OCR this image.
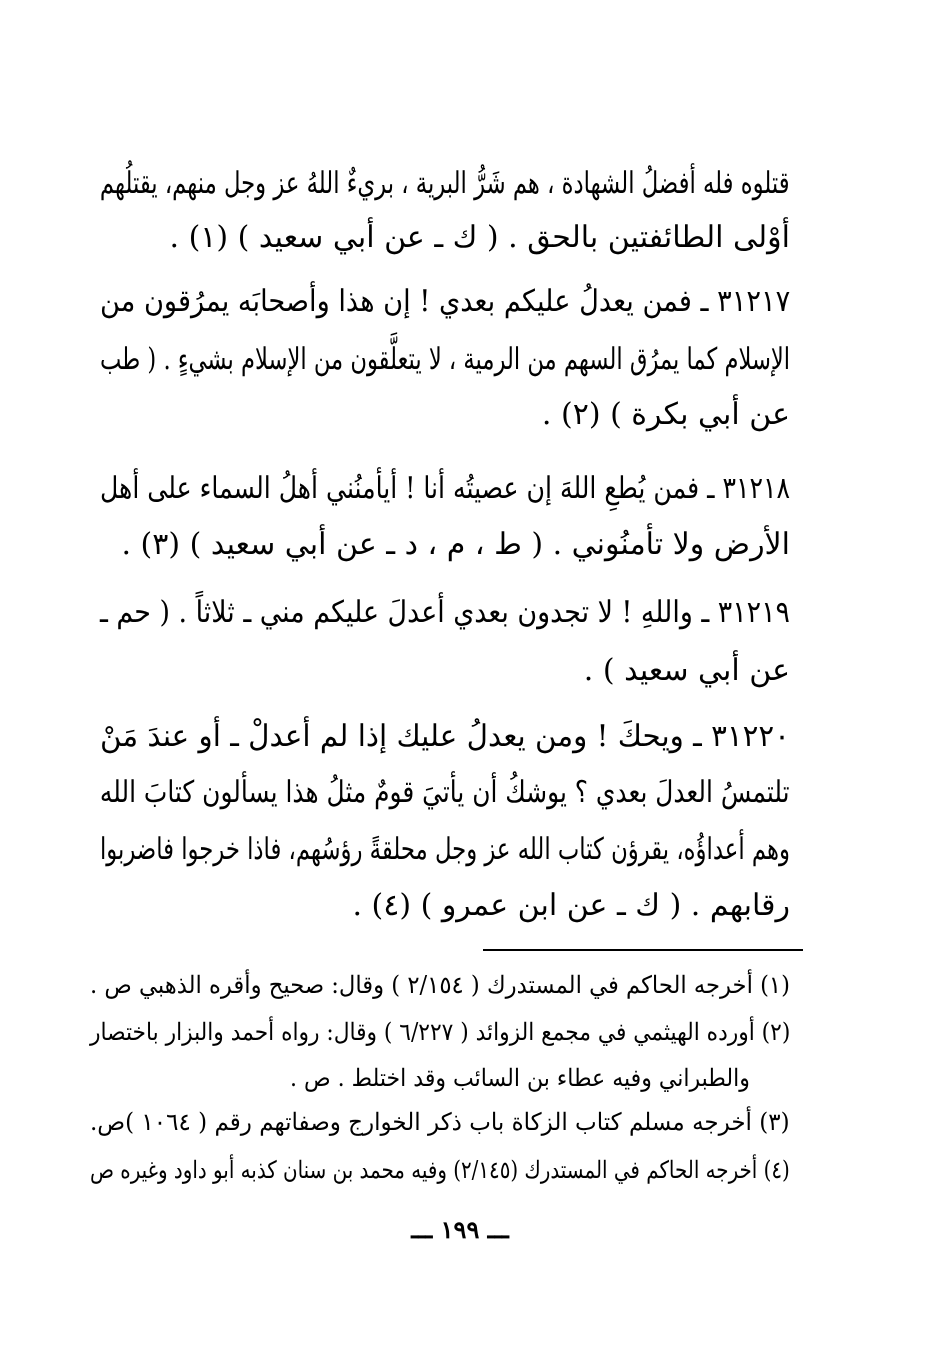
قتلوه فله أفضلُ الشهادة ، هم شَرُّ البرية ، بريءٌ اللهُ عز وجل منهم، يقتلُهم
أوْلى الطائفتين بالحق . ( ك ـ عن أبي سعيد ) (١) .
٣١٢١٧ ـ فمن يعدلُ عليكم بعدي ! إن هذا وأصحابَه يمرُقون من
الإسلام كما يمرُق السهم من الرمية ، لا يتعلَّقون من الإسلام بشيءٍ . ( طب
عن أبي بكرة ) (٢) .
٣١٢١٨ ـ فمن يُطعِ اللهَ إن عصيتُه أنا ! أيأمنُني أهلُ السماء على أهل
الأرض ولا تأمنُوني . ( ط ، م ، د ـ عن أبي سعيد ) (٣) .
٣١٢١٩ ـ واللهِ ! لا تجدون بعدي أعدلَ عليكم مني ـ ثلاثاً . ( حم ـ
عن أبي سعيد ) .
٣١٢٢٠ ـ ويحكَ ! ومن يعدلُ عليك إذا لم أعدلْ ـ أو عندَ مَنْ
تلتمسُ العدلَ بعدي ؟ يوشكُ أن يأتيَ قومٌ مثلُ هذا يسألون كتابَ الله
وهم أعداؤُه، يقرؤن كتاب الله عز وجل محلقةً رؤسُهم، فاذا خرجوا فاضربوا
رقابهم . ( ك ـ عن ابن عمرو ) (٤) .
(١) أخرجه الحاكم في المستدرك ( ٢/١٥٤ ) وقال: صحيح وأقره الذهبي ص .
(٢) أورده الهيثمي في مجمع الزوائد ( ٦/٢٢٧ ) وقال: رواه أحمد والبزار باختصار
والطبراني وفيه عطاء بن السائب وقد اختلط . ص .
(٣) أخرجه مسلم كتاب الزكاة باب ذكر الخوارج وصفاتهم رقم ( ١٠٦٤ )ص.
(٤) أخرجه الحاكم في المستدرك (٢/١٤٥) وفيه محمد بن سنان كذبه أبو داود وغيره ص
ـــ ١٩٩ ـــ
